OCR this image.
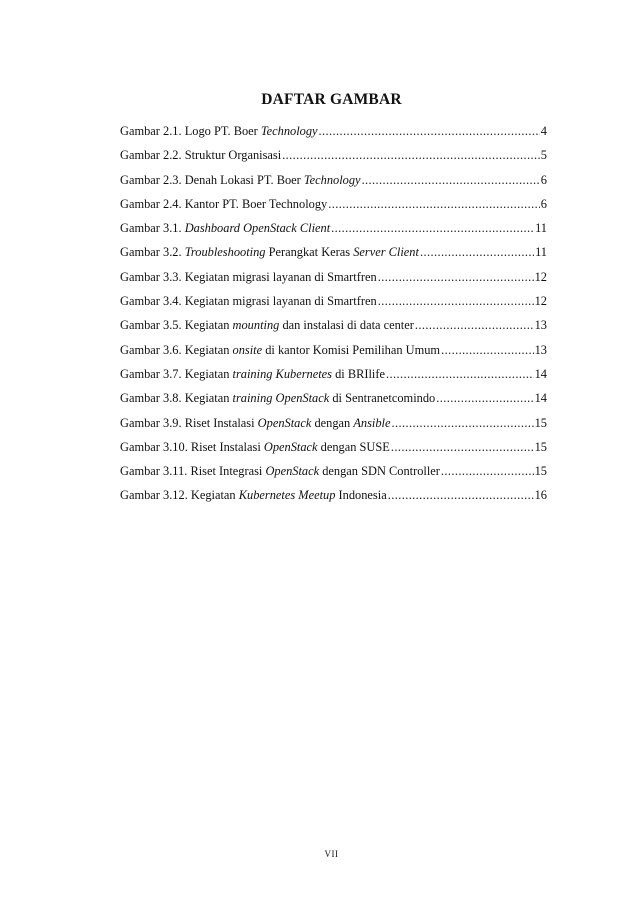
DAFTAR GAMBAR
Gambar 2.1. Logo PT. Boer Technology .....	4
Gambar 2.2. Struktur Organisasi .....	5
Gambar 2.3. Denah Lokasi PT. Boer Technology .....	6
Gambar 2.4. Kantor PT. Boer Technology .....	6
Gambar 3.1. Dashboard OpenStack Client .....	11
Gambar 3.2. Troubleshooting Perangkat Keras Server Client .....	11
Gambar 3.3. Kegiatan migrasi layanan di Smartfren .....	12
Gambar 3.4. Kegiatan migrasi layanan di Smartfren .....	12
Gambar 3.5. Kegiatan mounting dan instalasi di data center .....	13
Gambar 3.6. Kegiatan onsite di kantor Komisi Pemilihan Umum .....	13
Gambar 3.7. Kegiatan training Kubernetes di BRIlife .....	14
Gambar 3.8. Kegiatan training OpenStack di Sentranetcomindo .....	14
Gambar 3.9. Riset Instalasi OpenStack dengan Ansible .....	15
Gambar 3.10. Riset Instalasi OpenStack dengan SUSE .....	15
Gambar 3.11. Riset Integrasi OpenStack dengan SDN Controller .....	15
Gambar 3.12. Kegiatan Kubernetes Meetup Indonesia .....	16
VII
